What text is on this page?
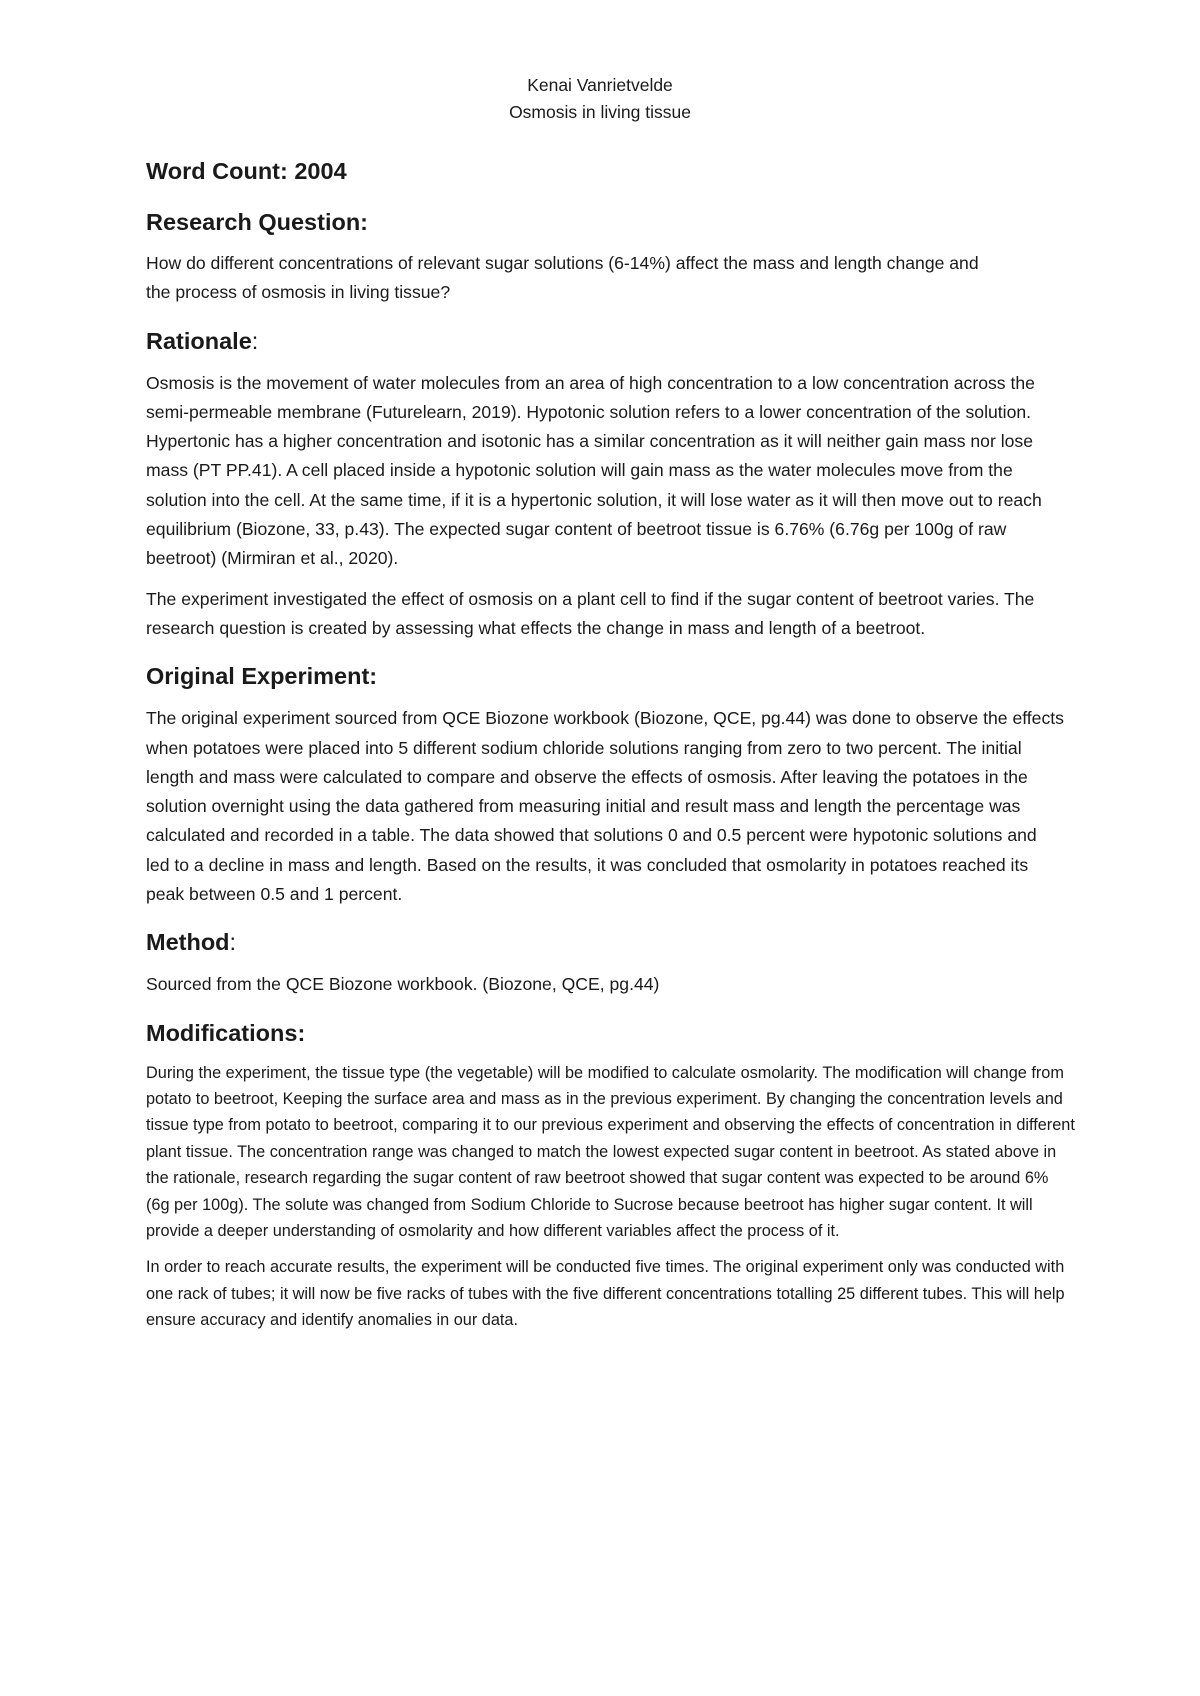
Kenai Vanrietvelde
Osmosis in living tissue
Word Count: 2004
Research Question:

How do different concentrations of relevant sugar solutions (6-14%) affect the mass and length change and the process of osmosis in living tissue?

Rationale:

Osmosis is the movement of water molecules from an area of high concentration to a low concentration across the semi-permeable membrane (Futurelearn, 2019). Hypotonic solution refers to a lower concentration of the solution. Hypertonic has a higher concentration and isotonic has a similar concentration as it will neither gain mass nor lose mass (PT PP.41). A cell placed inside a hypotonic solution will gain mass as the water molecules move from the solution into the cell. At the same time, if it is a hypertonic solution, it will lose water as it will then move out to reach equilibrium (Biozone, 33, p.43). The expected sugar content of beetroot tissue is 6.76% (6.76g per 100g of raw beetroot) (Mirmiran et al., 2020).

The experiment investigated the effect of osmosis on a plant cell to find if the sugar content of beetroot varies. The research question is created by assessing what effects the change in mass and length of a beetroot.

Original Experiment:

The original experiment sourced from QCE Biozone workbook (Biozone, QCE, pg.44) was done to observe the effects when potatoes were placed into 5 different sodium chloride solutions ranging from zero to two percent. The initial length and mass were calculated to compare and observe the effects of osmosis. After leaving the potatoes in the solution overnight using the data gathered from measuring initial and result mass and length the percentage was calculated and recorded in a table. The data showed that solutions 0 and 0.5 percent were hypotonic solutions and led to a decline in mass and length. Based on the results, it was concluded that osmolarity in potatoes reached its peak between 0.5 and 1 percent.

Method:

Sourced from the QCE Biozone workbook. (Biozone, QCE, pg.44)

Modifications:

During the experiment, the tissue type (the vegetable) will be modified to calculate osmolarity. The modification will change from potato to beetroot, Keeping the surface area and mass as in the previous experiment. By changing the concentration levels and tissue type from potato to beetroot, comparing it to our previous experiment and observing the effects of concentration in different plant tissue. The concentration range was changed to match the lowest expected sugar content in beetroot. As stated above in the rationale, research regarding the sugar content of raw beetroot showed that sugar content was expected to be around 6% (6g per 100g). The solute was changed from Sodium Chloride to Sucrose because beetroot has higher sugar content. It will provide a deeper understanding of osmolarity and how different variables affect the process of it.

In order to reach accurate results, the experiment will be conducted five times. The original experiment only was conducted with one rack of tubes; it will now be five racks of tubes with the five different concentrations totalling 25 different tubes. This will help ensure accuracy and identify anomalies in our data.
